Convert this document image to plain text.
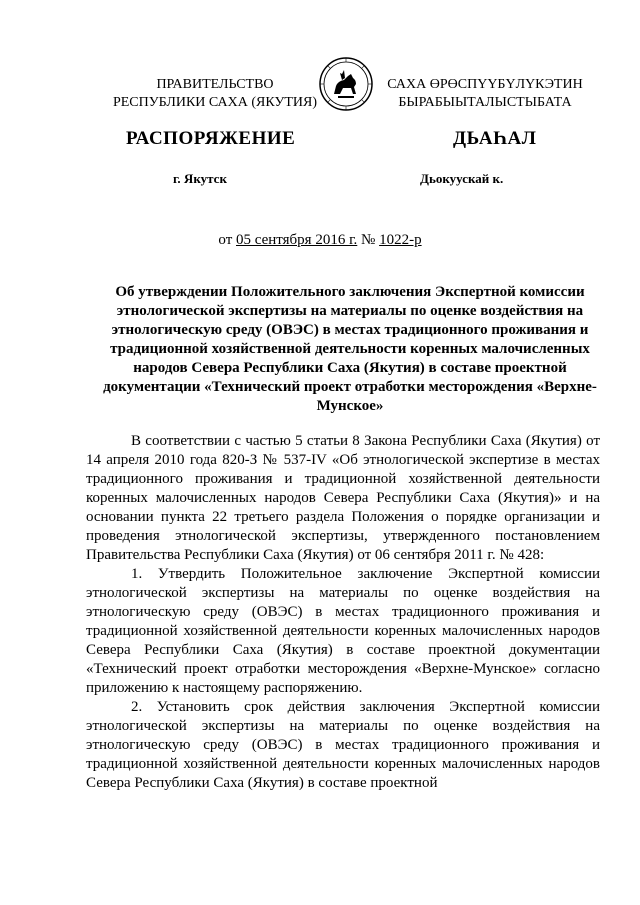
ПРАВИТЕЛЬСТВО
РЕСПУБЛИКИ САХА (ЯКУТИЯ)
САХА ӨРӨСПҮҮБҮЛҮКЭТИН
БЫРАБЫЫТАЛЫСТЫБАТА
РАСПОРЯЖЕНИЕ	ДЬАҺАЛ
г. Якутск	Дьокуускай к.
от 05 сентября 2016 г. № 1022-р
Об утверждении Положительного заключения Экспертной комиссии этнологической экспертизы на материалы по оценке воздействия на этнологическую среду (ОВЭС) в местах традиционного проживания и традиционной хозяйственной деятельности коренных малочисленных народов Севера Республики Саха (Якутия) в составе проектной документации «Технический проект отработки месторождения «Верхне-Мунское»

В соответствии с частью 5 статьи 8 Закона Республики Саха (Якутия) от 14 апреля 2010 года 820-З № 537-IV «Об этнологической экспертизе в местах традиционного проживания и традиционной хозяйственной деятельности коренных малочисленных народов Севера Республики Саха (Якутия)» и на основании пункта 22 третьего раздела Положения о порядке организации и проведения этнологической экспертизы, утвержденного постановлением Правительства Республики Саха (Якутия) от 06 сентября 2011 г. № 428:

1. Утвердить Положительное заключение Экспертной комиссии этнологической экспертизы на материалы по оценке воздействия на этнологическую среду (ОВЭС) в местах традиционного проживания и традиционной хозяйственной деятельности коренных малочисленных народов Севера Республики Саха (Якутия) в составе проектной документации «Технический проект отработки месторождения «Верхне-Мунское» согласно приложению к настоящему распоряжению.

2. Установить срок действия заключения Экспертной комиссии этнологической экспертизы на материалы по оценке воздействия на этнологическую среду (ОВЭС) в местах традиционного проживания и традиционной хозяйственной деятельности коренных малочисленных народов Севера Республики Саха (Якутия) в составе проектной
